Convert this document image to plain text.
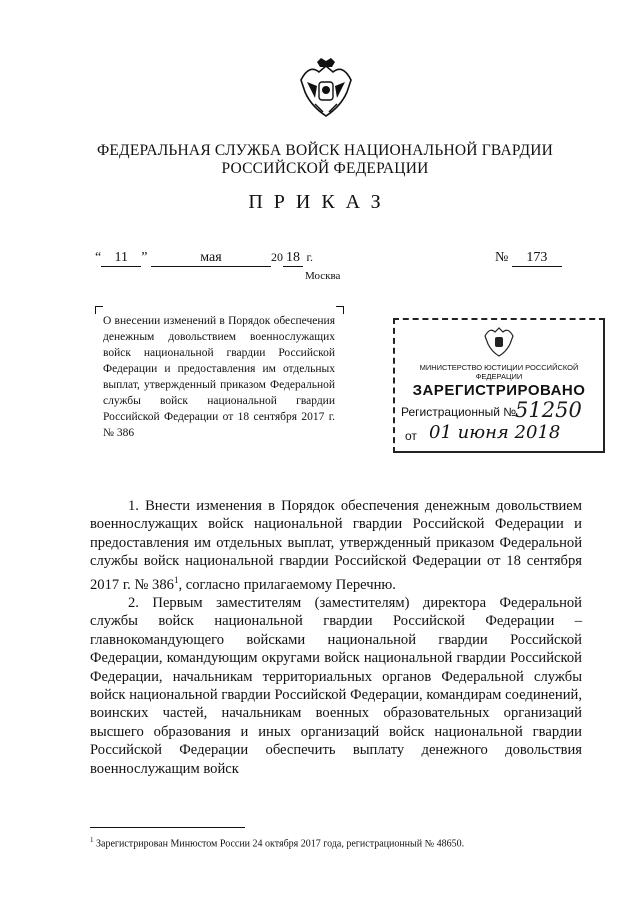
ФЕДЕРАЛЬНАЯ СЛУЖБА ВОЙСК НАЦИОНАЛЬНОЙ ГВАРДИИ
РОССИЙСКОЙ ФЕДЕРАЦИИ
ПРИКАЗ
“ 11 ”	мая	20 18 г.	№ 173
Москва
О внесении изменений в Порядок обеспечения денежным довольствием военнослужащих войск национальной гвардии Российской Федерации и предоставления им отдельных выплат, утвержденный приказом Федеральной службы войск национальной гвардии Российской Федерации от 18 сентября 2017 г. № 386
МИНИСТЕРСТВО ЮСТИЦИИ РОССИЙСКОЙ ФЕДЕРАЦИИ
ЗАРЕГИСТРИРОВАНО
Регистрационный №
51250
от 01 июня 2018

1. Внести изменения в Порядок обеспечения денежным довольствием военнослужащих войск национальной гвардии Российской Федерации и предоставления им отдельных выплат, утвержденный приказом Федеральной службы войск национальной гвардии Российской Федерации от 18 сентября 2017 г. № $386^1$, согласно прилагаемому Перечню.

2. Первым заместителям (заместителям) директора Федеральной службы войск национальной гвардии Российской Федерации – главнокомандующего войсками национальной гвардии Российской Федерации, командующим округами войск национальной гвардии Российской Федерации, начальникам территориальных органов Федеральной службы войск национальной гвардии Российской Федерации, командирам соединений, воинских частей, начальникам военных образовательных организаций высшего образования и иных организаций войск национальной гвардии Российской Федерации обеспечить выплату денежного довольствия военнослужащим войск

$^1$ Зарегистрирован Минюстом России 24 октября 2017 года, регистрационный № 48650.
